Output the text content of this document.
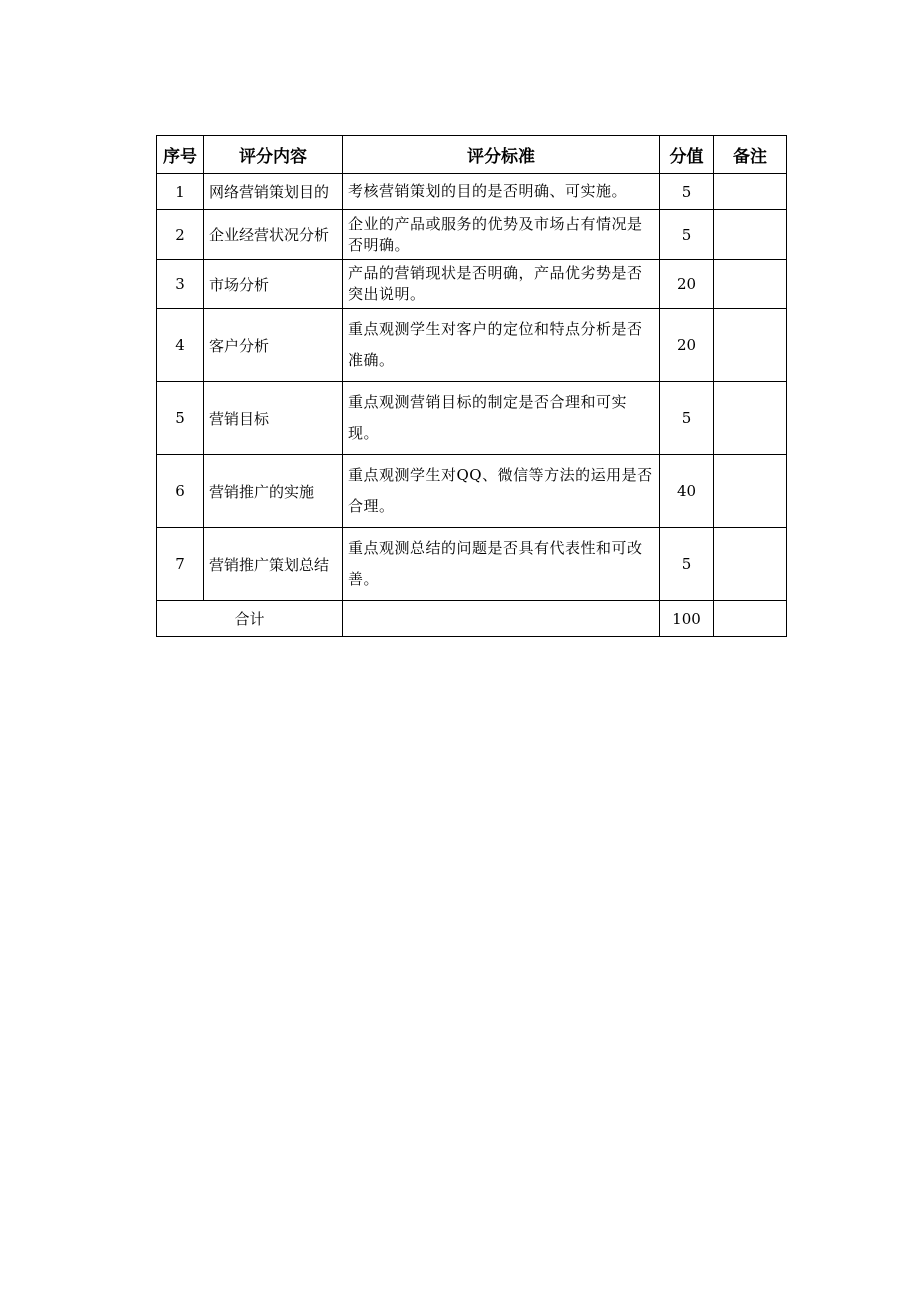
序号	评分内容	评分标准	分值	备注
1	网络营销策划目的	考核营销策划的目的是否明确、可实施。	5	
2	企业经营状况分析	企业的产品或服务的优势及市场占有情况是否明确。	5	
3	市场分析	产品的营销现状是否明确，产品优劣势是否突出说明。	20	
4	客户分析	重点观测学生对客户的定位和特点分析是否准确。	20	
5	营销目标	重点观测营销目标的制定是否合理和可实现。	5	
6	营销推广的实施	重点观测学生对QQ、微信等方法的运用是否合理。	40	
7	营销推广策划总结	重点观测总结的问题是否具有代表性和可改善。	5	
合计			100	
